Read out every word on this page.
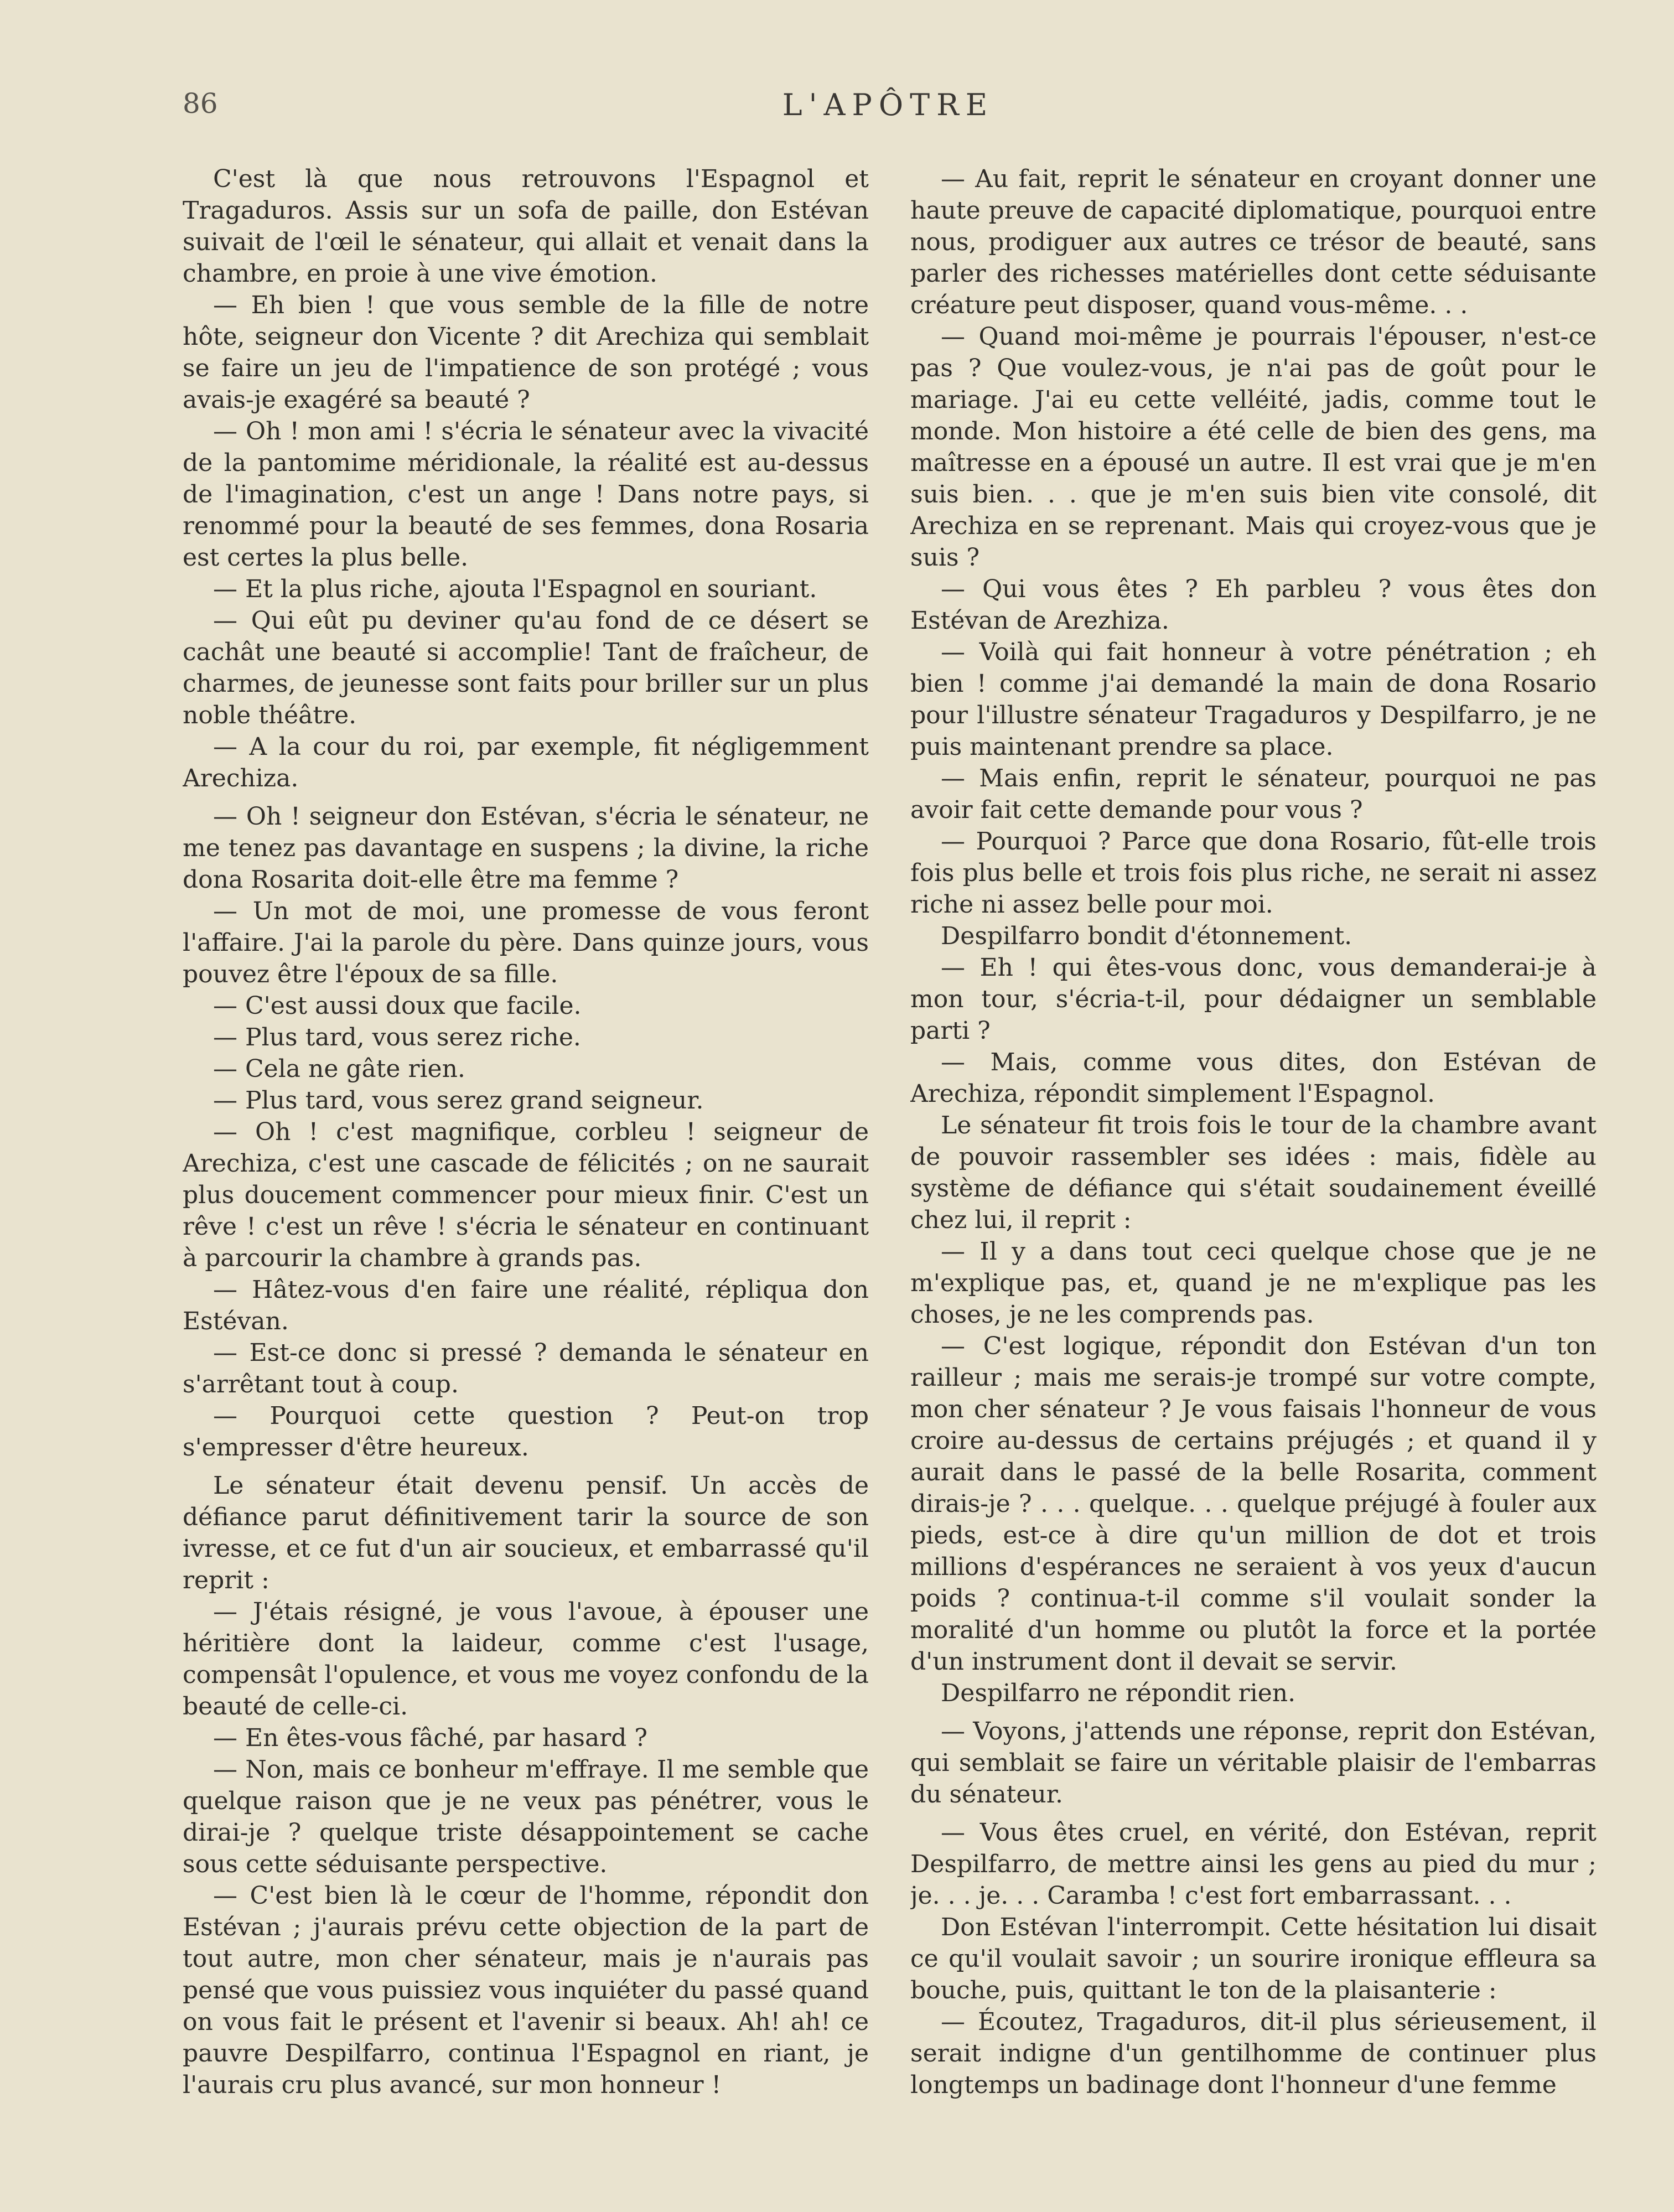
86	L'APÔTRE

C'est là que nous retrouvons l'Espagnol et Tragaduros. Assis sur un sofa de paille, don Estévan suivait de l'œil le sénateur, qui allait et venait dans la chambre, en proie à une vive émotion.

— Eh bien ! que vous semble de la fille de notre hôte, seigneur don Vicente ? dit Arechiza qui semblait se faire un jeu de l'impatience de son protégé ; vous avais-je exagéré sa beauté ?

— Oh ! mon ami ! s'écria le sénateur avec la vivacité de la pantomime méridionale, la réalité est au-dessus de l'imagination, c'est un ange ! Dans notre pays, si renommé pour la beauté de ses femmes, dona Rosaria est certes la plus belle.

— Et la plus riche, ajouta l'Espagnol en souriant.

— Qui eût pu deviner qu'au fond de ce désert se cachât une beauté si accomplie! Tant de fraîcheur, de charmes, de jeunesse sont faits pour briller sur un plus noble théâtre.

— A la cour du roi, par exemple, fit négligemment Arechiza.

— Oh ! seigneur don Estévan, s'écria le sénateur, ne me tenez pas davantage en suspens ; la divine, la riche dona Rosarita doit-elle être ma femme ?

— Un mot de moi, une promesse de vous feront l'affaire. J'ai la parole du père. Dans quinze jours, vous pouvez être l'époux de sa fille.

— C'est aussi doux que facile.

— Plus tard, vous serez riche.

— Cela ne gâte rien.

— Plus tard, vous serez grand seigneur.

— Oh ! c'est magnifique, corbleu ! seigneur de Arechiza, c'est une cascade de félicités ; on ne saurait plus doucement commencer pour mieux finir. C'est un rêve ! c'est un rêve ! s'écria le sénateur en continuant à parcourir la chambre à grands pas.

— Hâtez-vous d'en faire une réalité, répliqua don Estévan.

— Est-ce donc si pressé ? demanda le sénateur en s'arrêtant tout à coup.

— Pourquoi cette question ? Peut-on trop s'empresser d'être heureux.

Le sénateur était devenu pensif. Un accès de défiance parut définitivement tarir la source de son ivresse, et ce fut d'un air soucieux, et embarrassé qu'il reprit :

— J'étais résigné, je vous l'avoue, à épouser une héritière dont la laideur, comme c'est l'usage, compensât l'opulence, et vous me voyez confondu de la beauté de celle-ci.

— En êtes-vous fâché, par hasard ?

— Non, mais ce bonheur m'effraye. Il me semble que quelque raison que je ne veux pas pénétrer, vous le dirai-je ? quelque triste désappointement se cache sous cette séduisante perspective.

— C'est bien là le cœur de l'homme, répondit don Estévan ; j'aurais prévu cette objection de la part de tout autre, mon cher sénateur, mais je n'aurais pas pensé que vous puissiez vous inquiéter du passé quand on vous fait le présent et l'avenir si beaux. Ah! ah! ce pauvre Despilfarro, continua l'Espagnol en riant, je l'aurais cru plus avancé, sur mon honneur !

— Au fait, reprit le sénateur en croyant donner une haute preuve de capacité diplomatique, pourquoi entre nous, prodiguer aux autres ce trésor de beauté, sans parler des richesses matérielles dont cette séduisante créature peut disposer, quand vous-même. . .

— Quand moi-même je pourrais l'épouser, n'est-ce pas ? Que voulez-vous, je n'ai pas de goût pour le mariage. J'ai eu cette velléité, jadis, comme tout le monde. Mon histoire a été celle de bien des gens, ma maîtresse en a épousé un autre. Il est vrai que je m'en suis bien. . . que je m'en suis bien vite consolé, dit Arechiza en se reprenant. Mais qui croyez-vous que je suis ?

— Qui vous êtes ? Eh parbleu ? vous êtes don Estévan de Arezhiza.

— Voilà qui fait honneur à votre pénétration ; eh bien ! comme j'ai demandé la main de dona Rosario pour l'illustre sénateur Tragaduros y Despilfarro, je ne puis maintenant prendre sa place.

— Mais enfin, reprit le sénateur, pourquoi ne pas avoir fait cette demande pour vous ?

— Pourquoi ? Parce que dona Rosario, fût-elle trois fois plus belle et trois fois plus riche, ne serait ni assez riche ni assez belle pour moi.

Despilfarro bondit d'étonnement.

— Eh ! qui êtes-vous donc, vous demanderai-je à mon tour, s'écria-t-il, pour dédaigner un semblable parti ?

— Mais, comme vous dites, don Estévan de Arechiza, répondit simplement l'Espagnol.

Le sénateur fit trois fois le tour de la chambre avant de pouvoir rassembler ses idées : mais, fidèle au système de défiance qui s'était soudainement éveillé chez lui, il reprit :

— Il y a dans tout ceci quelque chose que je ne m'explique pas, et, quand je ne m'explique pas les choses, je ne les comprends pas.

— C'est logique, répondit don Estévan d'un ton railleur ; mais me serais-je trompé sur votre compte, mon cher sénateur ? Je vous faisais l'honneur de vous croire au-dessus de certains préjugés ; et quand il y aurait dans le passé de la belle Rosarita, comment dirais-je ? . . . quelque. . . quelque préjugé à fouler aux pieds, est-ce à dire qu'un million de dot et trois millions d'espérances ne seraient à vos yeux d'aucun poids ? continua-t-il comme s'il voulait sonder la moralité d'un homme ou plutôt la force et la portée d'un instrument dont il devait se servir.

Despilfarro ne répondit rien.

— Voyons, j'attends une réponse, reprit don Estévan, qui semblait se faire un véritable plaisir de l'embarras du sénateur.

— Vous êtes cruel, en vérité, don Estévan, reprit Despilfarro, de mettre ainsi les gens au pied du mur ; je. . . je. . . Caramba ! c'est fort embarrassant. . .

Don Estévan l'interrompit. Cette hésitation lui disait ce qu'il voulait savoir ; un sourire ironique effleura sa bouche, puis, quittant le ton de la plaisanterie :

— Écoutez, Tragaduros, dit-il plus sérieusement, il serait indigne d'un gentilhomme de continuer plus longtemps un badinage dont l'honneur d'une femme
